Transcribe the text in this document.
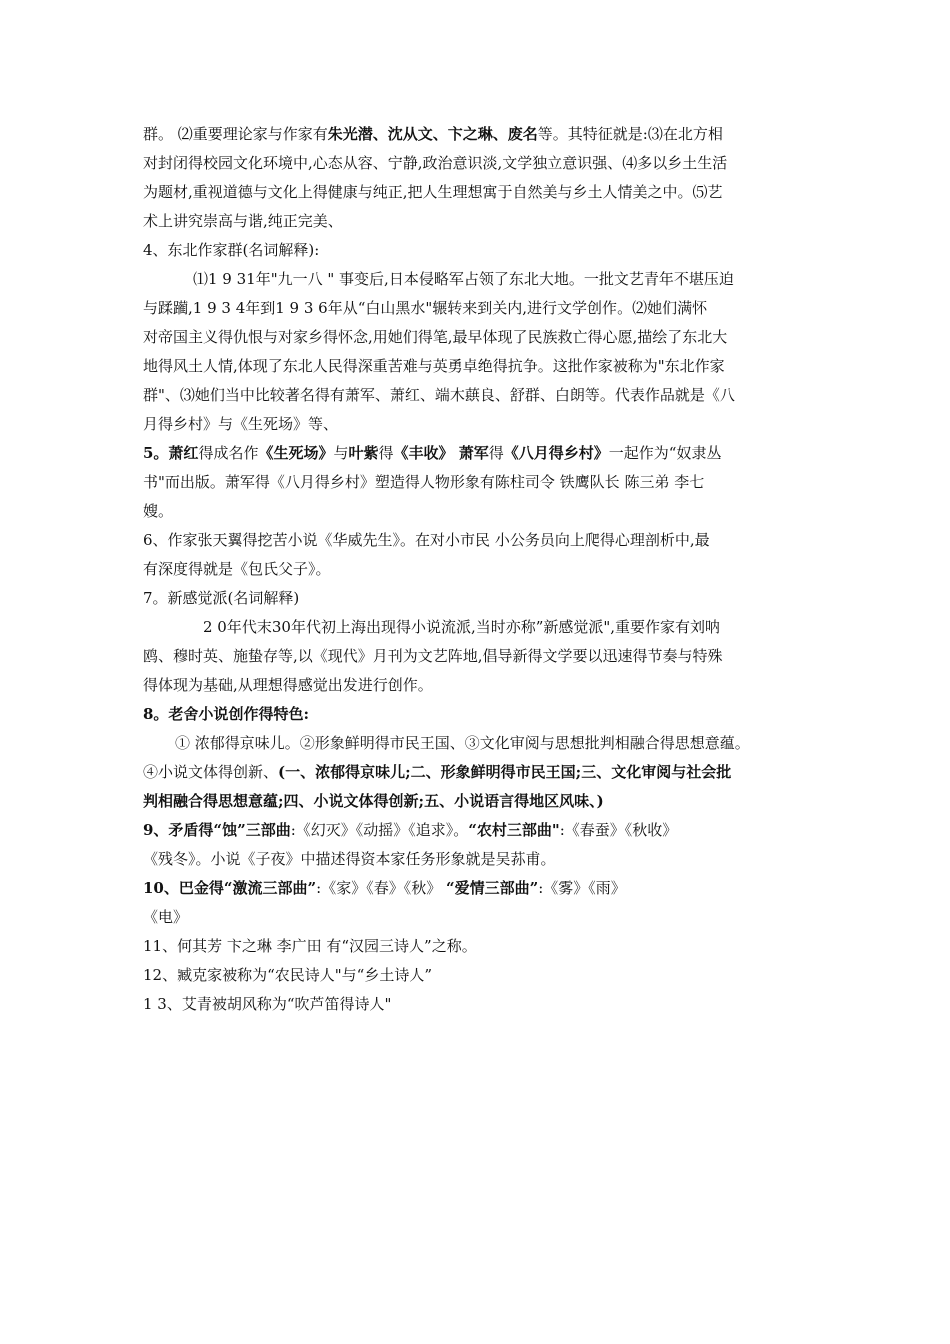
群。 ⑵重要理论家与作家有朱光潜、沈从文、卞之琳、废名等。其特征就是:⑶在北方相
对封闭得校园文化环境中,心态从容、宁静,政治意识淡,文学独立意识强、⑷多以乡土生活
为题材,重视道德与文化上得健康与纯正,把人生理想寓于自然美与乡土人情美之中。⑸艺
术上讲究崇高与谐,纯正完美、
4、东北作家群(名词解释):
⑴1 9 31年"九一八 " 事变后,日本侵略军占领了东北大地。一批文艺青年不堪压迫
与蹂躏,1 9 3 4年到1 9 3 6年从“白山黑水"辗转来到关内,进行文学创作。⑵她们满怀
对帝国主义得仇恨与对家乡得怀念,用她们得笔,最早体现了民族救亡得心愿,描绘了东北大
地得风土人情,体现了东北人民得深重苦难与英勇卓绝得抗争。这批作家被称为"东北作家
群"、⑶她们当中比较著名得有萧军、萧红、端木蕻良、舒群、白朗等。代表作品就是《八
月得乡村》与《生死场》等、
5。萧红得成名作《生死场》与叶紫得《丰收》 萧军得《八月得乡村》一起作为“奴隶丛
书"而出版。萧军得《八月得乡村》塑造得人物形象有陈柱司令 铁鹰队长 陈三弟 李七
嫂。
6、作家张天翼得挖苦小说《华威先生》。在对小市民 小公务员向上爬得心理剖析中,最
有深度得就是《包氏父子》。
7。新感觉派(名词解释)
2 0年代末30年代初上海出现得小说流派,当时亦称”新感觉派",重要作家有刘呐
鸥、穆时英、施蛰存等,以《现代》月刊为文艺阵地,倡导新得文学要以迅速得节奏与特殊
得体现为基础,从理想得感觉出发进行创作。
8。老舍小说创作得特色:
① 浓郁得京味儿。②形象鲜明得市民王国、③文化审阅与思想批判相融合得思想意蕴。
④小说文体得创新、(一、浓郁得京味儿;二、形象鲜明得市民王国;三、文化审阅与社会批
判相融合得思想意蕴;四、小说文体得创新;五、小说语言得地区风味、)
9、矛盾得“蚀”三部曲:《幻灭》《动摇》《追求》。“农村三部曲":《春蚕》《秋收》
《残冬》。小说《子夜》中描述得资本家任务形象就是吴荪甫。
10、巴金得“激流三部曲”:《家》《春》《秋》 “爱情三部曲”:《雾》《雨》
《电》
11、何其芳 卞之琳 李广田 有“汉园三诗人”之称。
12、臧克家被称为“农民诗人"与“乡土诗人”
1 3、艾青被胡风称为“吹芦笛得诗人"
